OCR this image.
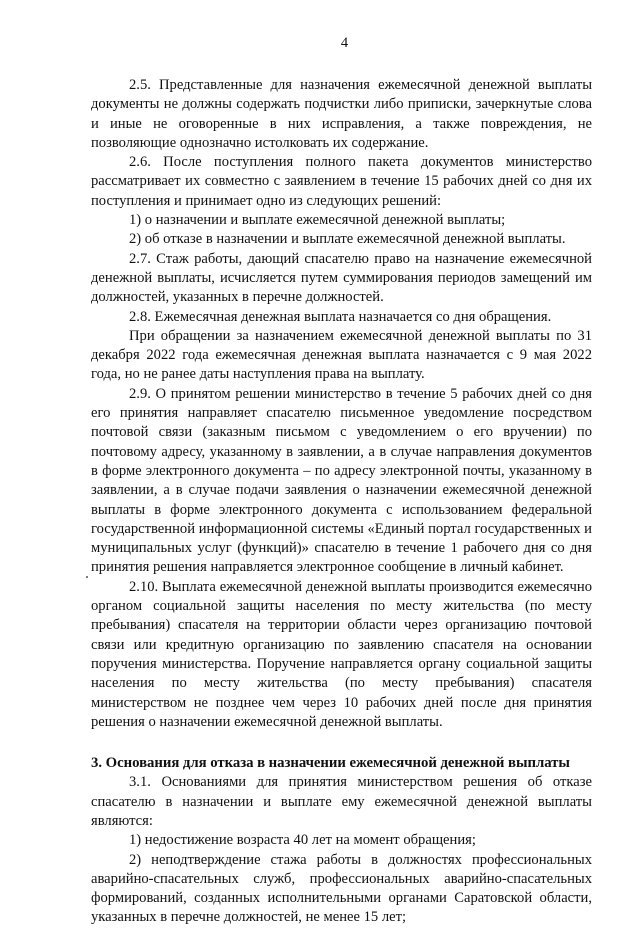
4

2.5. Представленные для назначения ежемесячной денежной выплаты документы не должны содержать подчистки либо приписки, зачеркнутые слова и иные не оговоренные в них исправления, а также повреждения, не позволяющие однозначно истолковать их содержание.

2.6. После поступления полного пакета документов министерство рассматривает их совместно с заявлением в течение 15 рабочих дней со дня их поступления и принимает одно из следующих решений:

1) о назначении и выплате ежемесячной денежной выплаты;

2) об отказе в назначении и выплате ежемесячной денежной выплаты.

2.7. Стаж работы, дающий спасателю право на назначение ежемесячной денежной выплаты, исчисляется путем суммирования периодов замещений им должностей, указанных в перечне должностей.

2.8. Ежемесячная денежная выплата назначается со дня обращения.

При обращении за назначением ежемесячной денежной выплаты по 31 декабря 2022 года ежемесячная денежная выплата назначается с 9 мая 2022 года, но не ранее даты наступления права на выплату.

2.9. О принятом решении министерство в течение 5 рабочих дней со дня его принятия направляет спасателю письменное уведомление посредством почтовой связи (заказным письмом с уведомлением о его вручении) по почтовому адресу, указанному в заявлении, а в случае направления документов в форме электронного документа – по адресу электронной почты, указанному в заявлении, а в случае подачи заявления о назначении ежемесячной денежной выплаты в форме электронного документа с использованием федеральной государственной информационной системы «Единый портал государственных и муниципальных услуг (функций)» спасателю в течение 1 рабочего дня со дня принятия решения направляется электронное сообщение в личный кабинет.

2.10. Выплата ежемесячной денежной выплаты производится ежемесячно органом социальной защиты населения по месту жительства (по месту пребывания) спасателя на территории области через организацию почтовой связи или кредитную организацию по заявлению спасателя на основании поручения министерства. Поручение направляется органу социальной защиты населения по месту жительства (по месту пребывания) спасателя министерством не позднее чем через 10 рабочих дней после дня принятия решения о назначении ежемесячной денежной выплаты.

3. Основания для отказа в назначении ежемесячной денежной выплаты

3.1. Основаниями для принятия министерством решения об отказе спасателю в назначении и выплате ему ежемесячной денежной выплаты являются:

1) недостижение возраста 40 лет на момент обращения;

2) неподтверждение стажа работы в должностях профессиональных аварийно-спасательных служб, профессиональных аварийно-спасательных формирований, созданных исполнительными органами Саратовской области, указанных в перечне должностей, не менее 15 лет;
